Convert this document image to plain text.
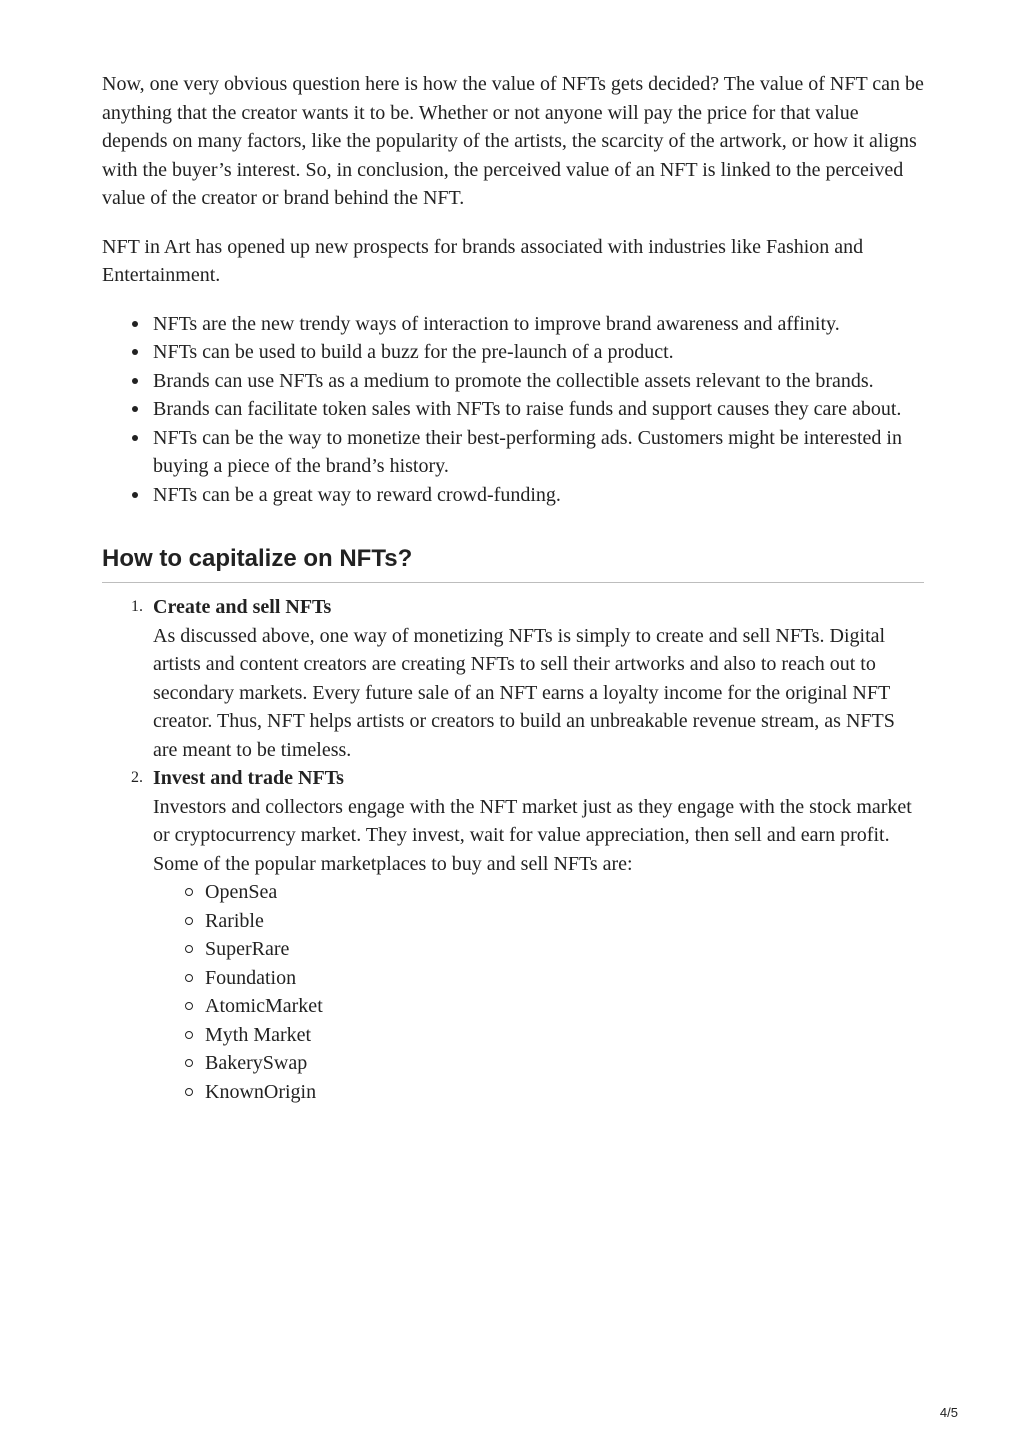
Now, one very obvious question here is how the value of NFTs gets decided? The value of NFT can be anything that the creator wants it to be. Whether or not anyone will pay the price for that value depends on many factors, like the popularity of the artists, the scarcity of the artwork, or how it aligns with the buyer’s interest. So, in conclusion, the perceived value of an NFT is linked to the perceived value of the creator or brand behind the NFT.

NFT in Art has opened up new prospects for brands associated with industries like Fashion and Entertainment.

NFTs are the new trendy ways of interaction to improve brand awareness and affinity.
NFTs can be used to build a buzz for the pre-launch of a product.
Brands can use NFTs as a medium to promote the collectible assets relevant to the brands.
Brands can facilitate token sales with NFTs to raise funds and support causes they care about.
NFTs can be the way to monetize their best-performing ads. Customers might be interested in buying a piece of the brand’s history.
NFTs can be a great way to reward crowd-funding.
How to capitalize on NFTs?
1. Create and sell NFTs
As discussed above, one way of monetizing NFTs is simply to create and sell NFTs. Digital artists and content creators are creating NFTs to sell their artworks and also to reach out to secondary markets. Every future sale of an NFT earns a loyalty income for the original NFT creator. Thus, NFT helps artists or creators to build an unbreakable revenue stream, as NFTS are meant to be timeless.
2. Invest and trade NFTs
Investors and collectors engage with the NFT market just as they engage with the stock market or cryptocurrency market. They invest, wait for value appreciation, then sell and earn profit. Some of the popular marketplaces to buy and sell NFTs are:
OpenSea
Rarible
SuperRare
Foundation
AtomicMarket
Myth Market
BakerySwap
KnownOrigin
4/5
